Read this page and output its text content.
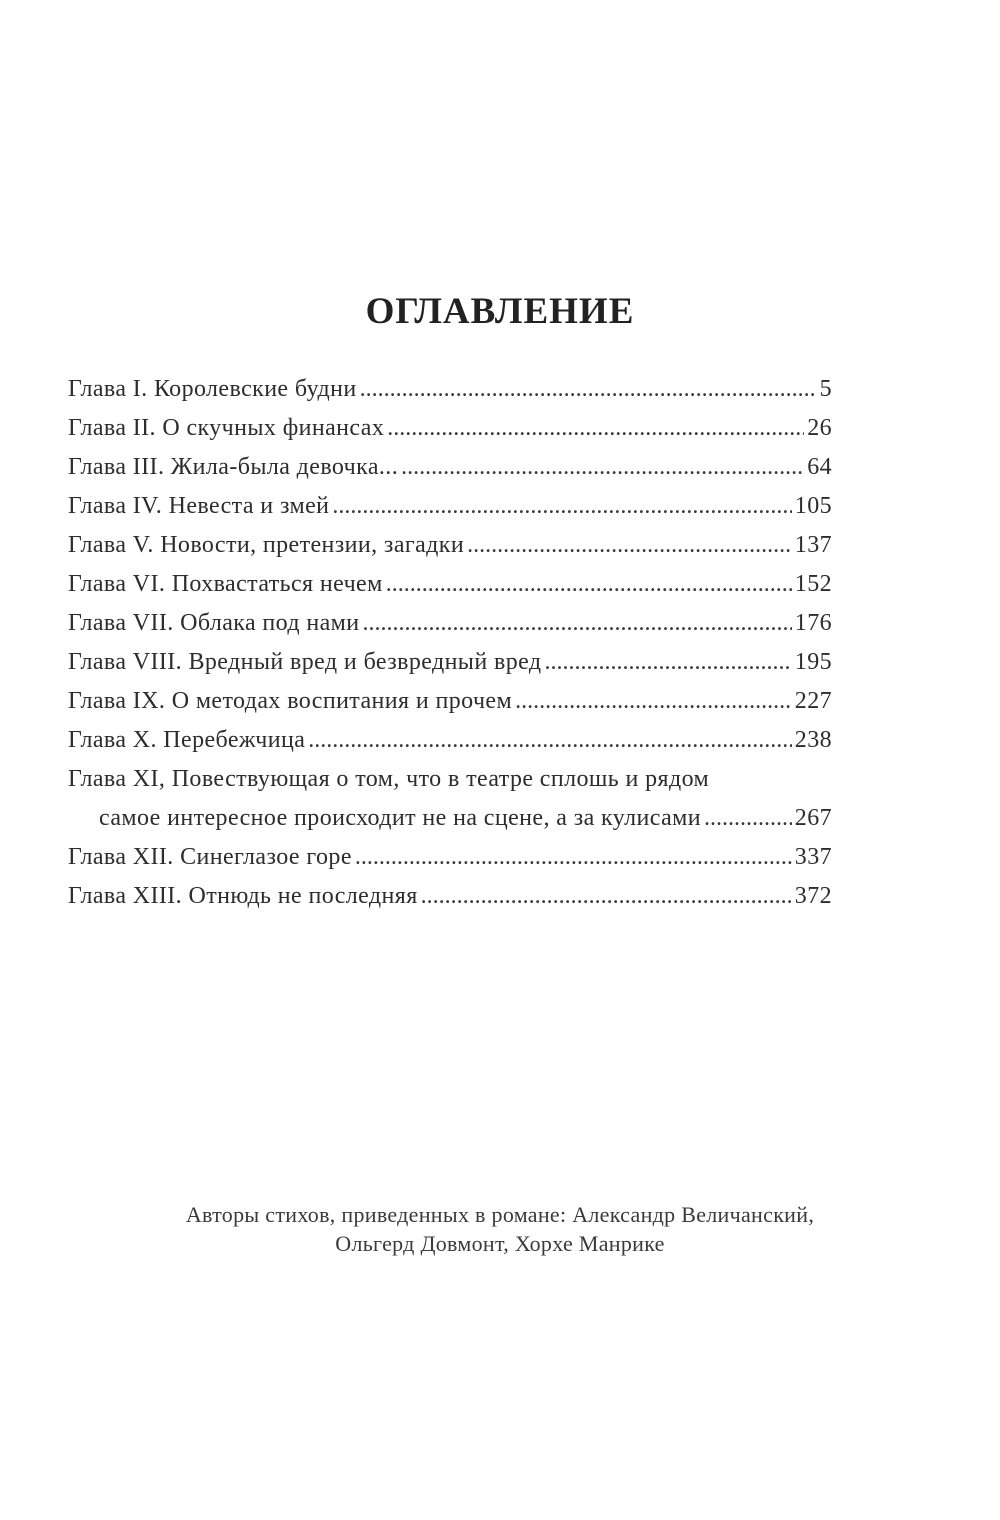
ОГЛАВЛЕНИЕ
Глава I. Королевские будни .....	5
Глава II. О скучных финансах .....	26
Глава III. Жила-была девочка... .....	64
Глава IV. Невеста и змей .....	105
Глава V. Новости, претензии, загадки .....	137
Глава VI. Похвастаться нечем .....	152
Глава VII. Облака под нами .....	176
Глава VIII. Вредный вред и безвредный вред .....	195
Глава IX. О методах воспитания и прочем .....	227
Глава X. Перебежчица .....	238
Глава XI, Повествующая о том, что в театре сплошь и рядом
самое интересное происходит не на сцене, а за кулисами .....	267
Глава XII. Синеглазое горе .....	337
Глава XIII. Отнюдь не последняя .....	372

Авторы стихов, приведенных в романе: Александр Величанский,

Ольгерд Довмонт, Хорхе Манрике
